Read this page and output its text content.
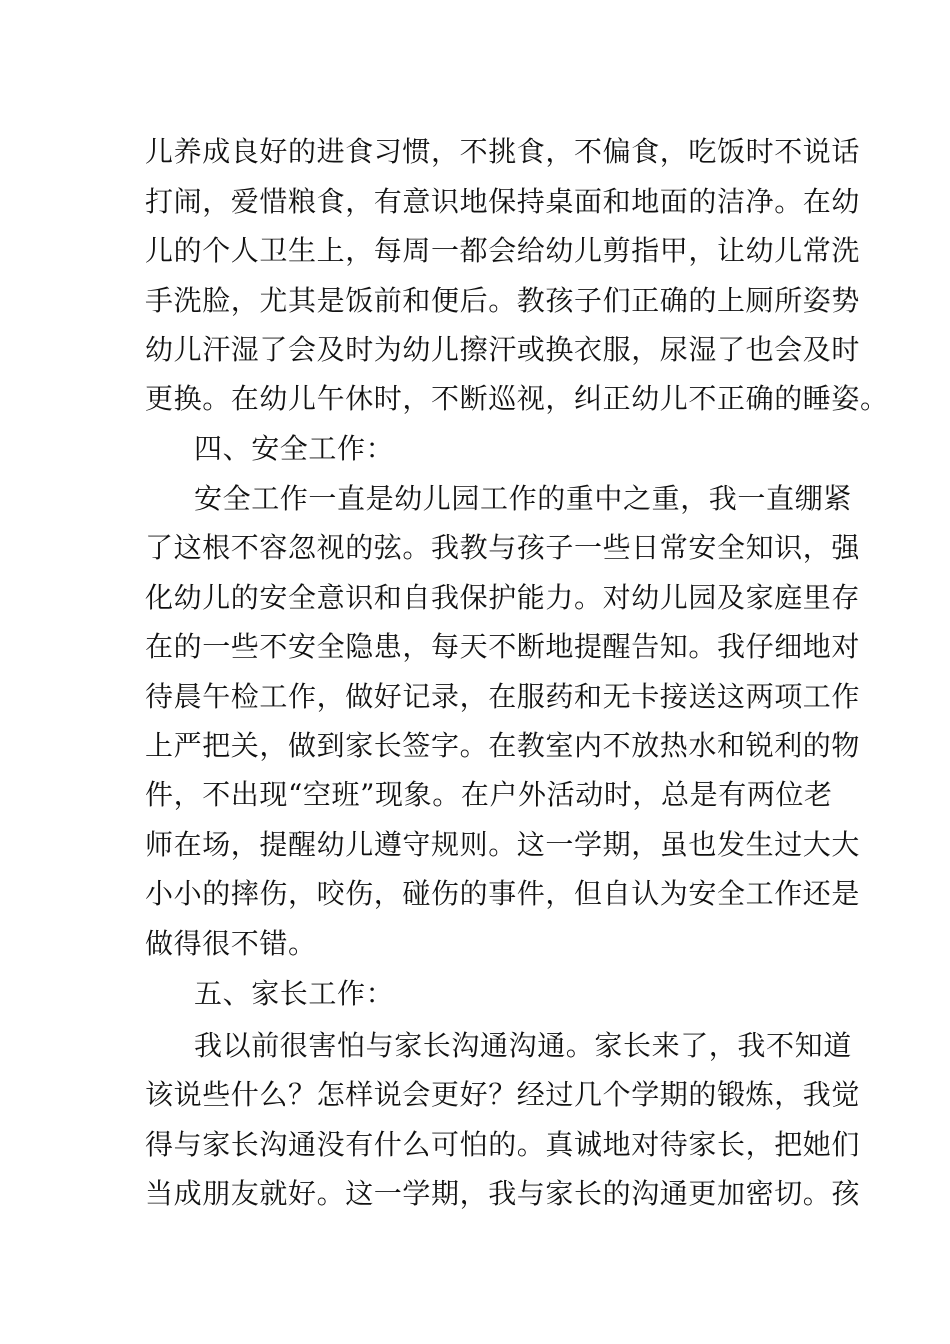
儿养成良好的进食习惯，不挑食，不偏食，吃饭时不说话
打闹，爱惜粮食，有意识地保持桌面和地面的洁净。在幼
儿的个人卫生上，每周一都会给幼儿剪指甲，让幼儿常洗
手洗脸，尤其是饭前和便后。教孩子们正确的上厕所姿势
幼儿汗湿了会及时为幼儿擦汗或换衣服，尿湿了也会及时
更换。在幼儿午休时，不断巡视，纠正幼儿不正确的睡姿。
四、安全工作：
安全工作一直是幼儿园工作的重中之重，我一直绷紧
了这根不容忽视的弦。我教与孩子一些日常安全知识，强
化幼儿的安全意识和自我保护能力。对幼儿园及家庭里存
在的一些不安全隐患，每天不断地提醒告知。我仔细地对
待晨午检工作，做好记录，在服药和无卡接送这两项工作
上严把关，做到家长签字。在教室内不放热水和锐利的物
件，不出现“空班”现象。在户外活动时，总是有两位老
师在场，提醒幼儿遵守规则。这一学期，虽也发生过大大
小小的摔伤，咬伤，碰伤的事件，但自认为安全工作还是
做得很不错。
五、家长工作：
我以前很害怕与家长沟通沟通。家长来了，我不知道
该说些什么？怎样说会更好？经过几个学期的锻炼，我觉
得与家长沟通没有什么可怕的。真诚地对待家长，把她们
当成朋友就好。这一学期，我与家长的沟通更加密切。孩
